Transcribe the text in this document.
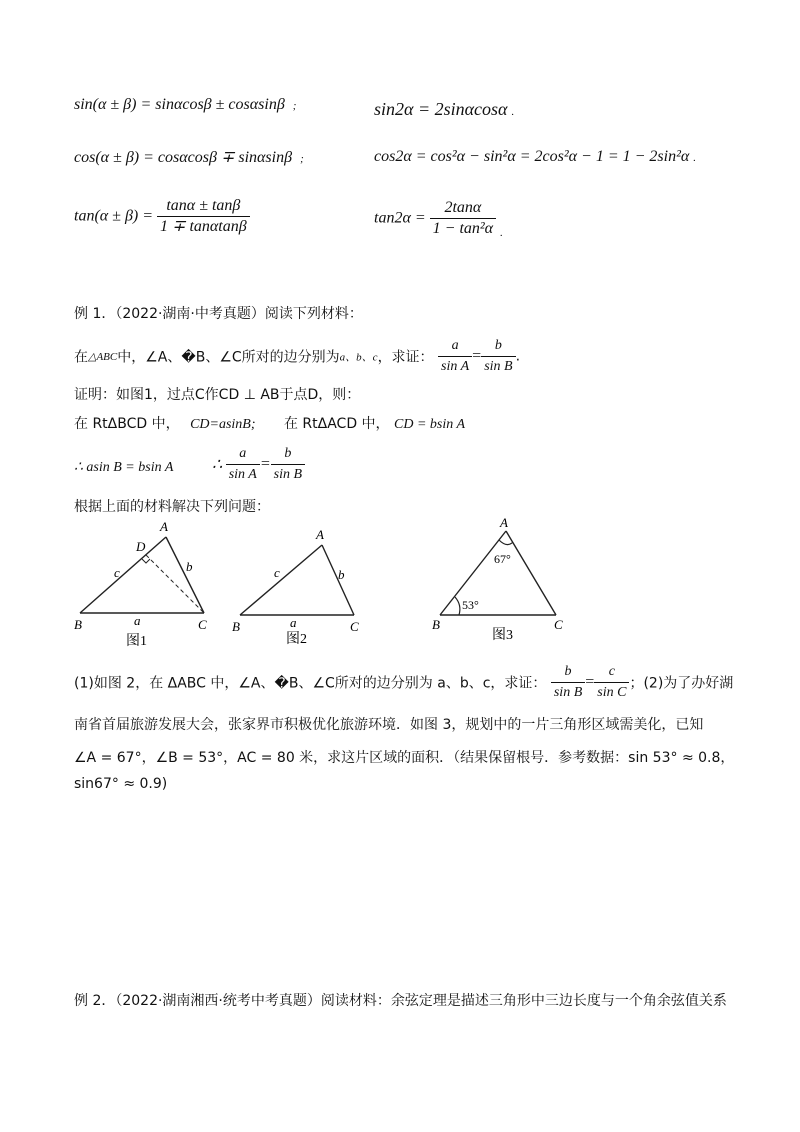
sin(α ± β) = sinαcosβ ± cosαsinβ ;	sin2α = 2sinαcosα .
cos(α ± β) = cosαcosβ ∓ sinαsinβ ;	cos2α = cos²α − sin²α = 2cos²α − 1 = 1 − 2sin²α .
$\tan(\alpha \pm \beta) = \frac{\tan\alpha \pm \tan\beta}{1 \mp \tan\alpha\tan\beta}$	$\tan 2\alpha = \frac{2\tan\alpha}{\text{1 − tan²α}}$ .
例 1．（2022·湖南·中考真题）阅读下列材料：
在△ABC中，∠A、�B、∠C所对的边分别为a、b、c，求证： $\frac{a}{\text{sin A}} = \frac{b}{\text{sin B}}$ .
证明：如图1，过点C作CD ⊥ AB于点D，则：
在 RtΔBCD 中， CD=asinB; 在 RtΔACD 中， CD = bsin A
∴ asin B = bsin A ∴ $\frac{a}{\text{sin A}} = \frac{b}{\text{sin B}}$
根据上面的材料解决下列问题：
A
D
B	C
c	b
a
图1
A
B	C
c	b
a
图2
A
B	C
67°
53°
图3
(1)如图 2，在 ΔABC 中，∠A、�B、∠C所对的边分别为 a、b、c，求证： $\frac{b}{\text{sin B}} = \frac{c}{\text{sin C}}$ ；(2)为了办好湖
南省首届旅游发展大会，张家界市积极优化旅游环境．如图 3，规划中的一片三角形区域需美化，已知
∠A = 67°，∠B = 53°，AC = 80 米，求这片区域的面积．（结果保留根号．参考数据：sin 53° ≈ 0.8，
sin67° ≈ 0.9)
例 2．（2022·湖南湘西·统考中考真题）阅读材料：余弦定理是描述三角形中三边长度与一个角余弦值关系
